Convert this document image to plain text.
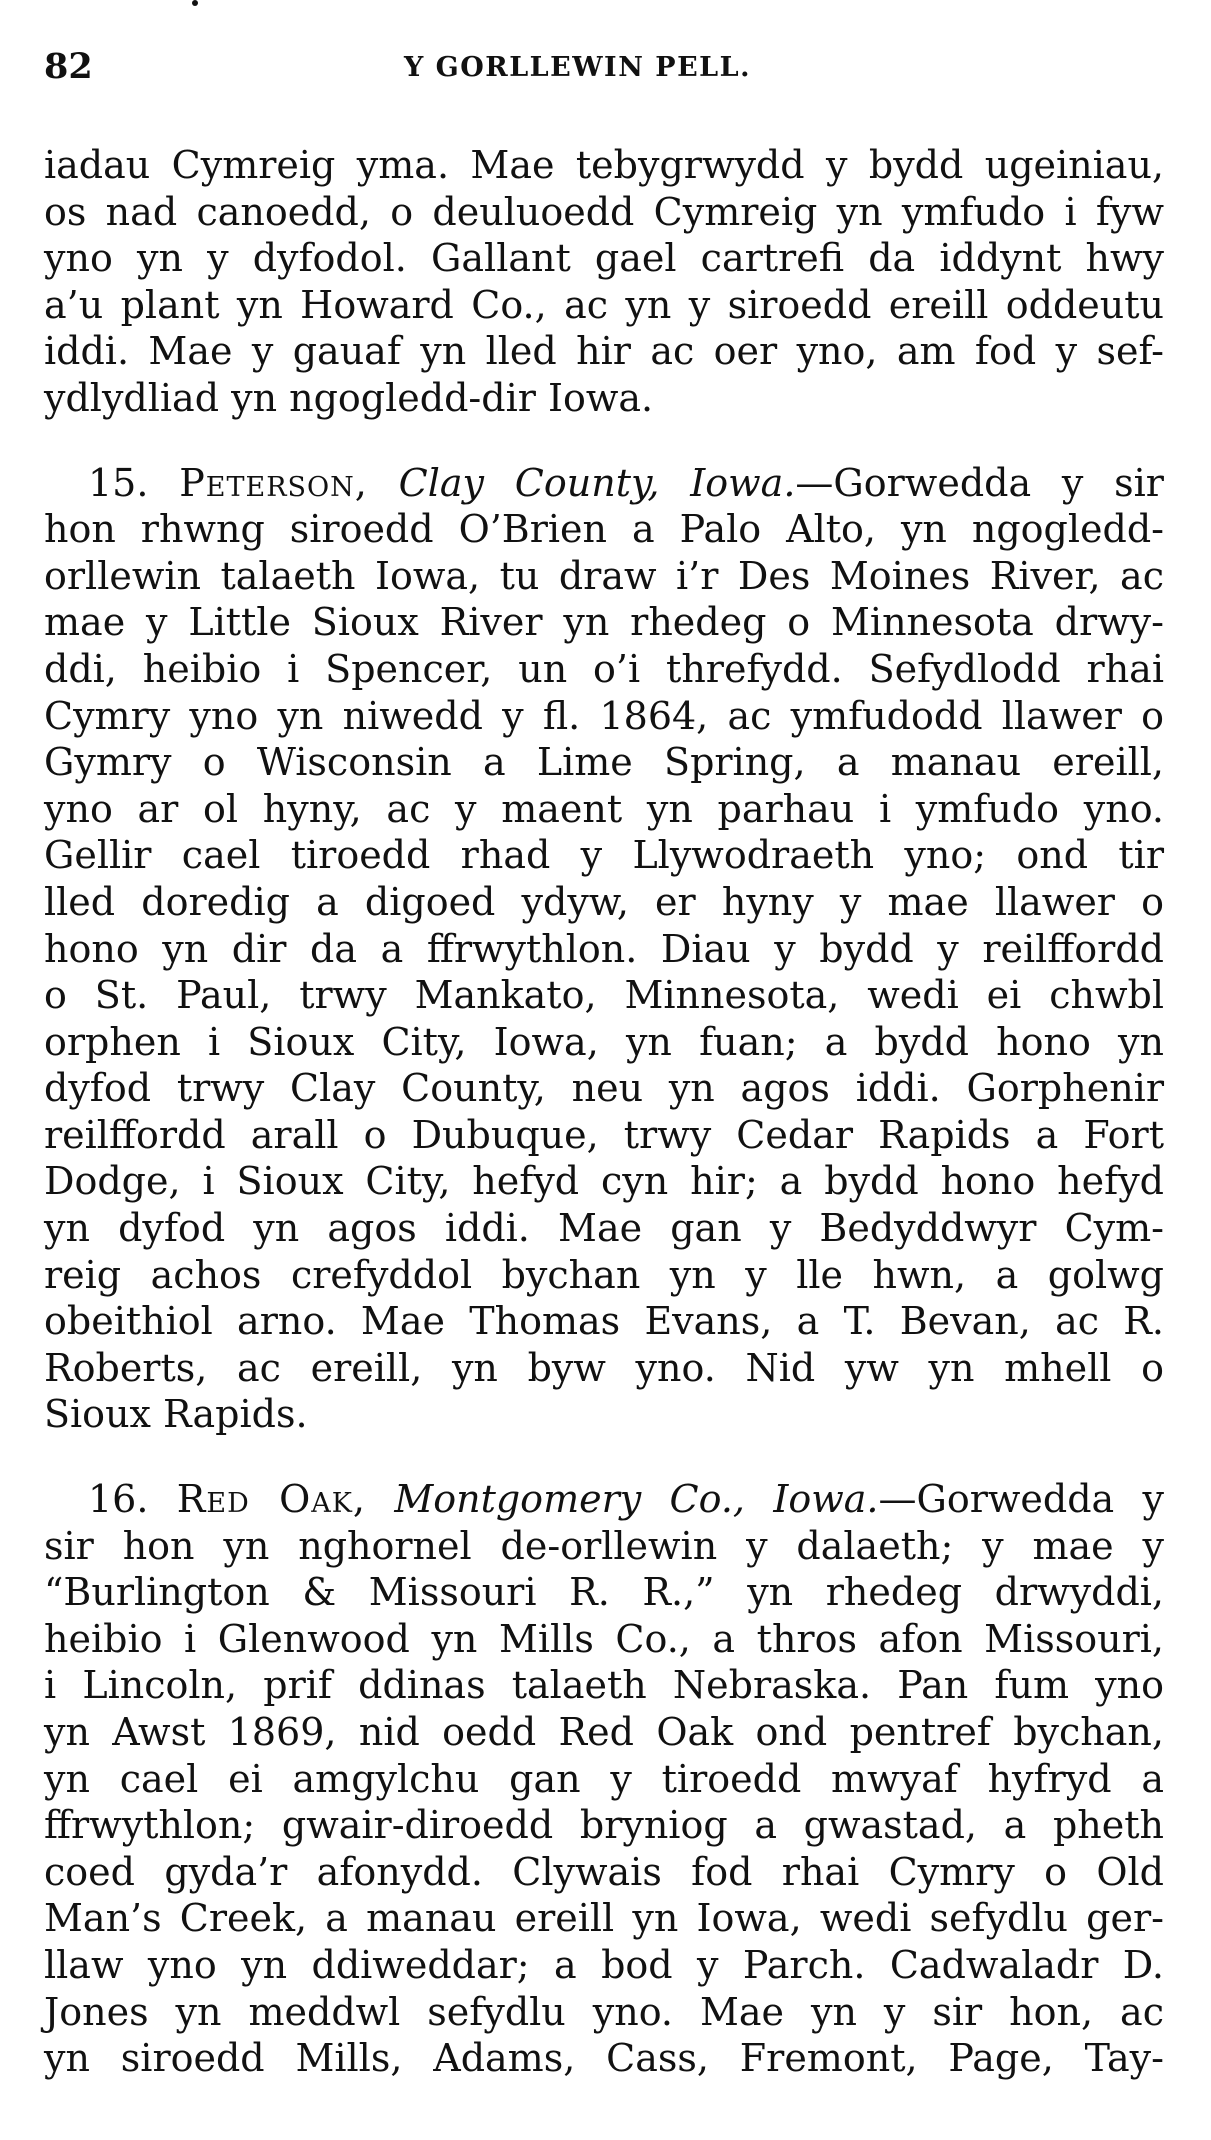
82	Y GORLLEWIN PELL.
iadau Cymreig yma. Mae tebygrwydd y bydd ugeiniau,
os nad canoedd, o deuluoedd Cymreig yn ymfudo i fyw
yno yn y dyfodol. Gallant gael cartrefi da iddynt hwy
a’u plant yn Howard Co., ac yn y siroedd ereill oddeutu
iddi. Mae y gauaf yn lled hir ac oer yno, am fod y sef-
ydlydliad yn ngogledd-dir Iowa.
15. Peterson, Clay County, Iowa.—Gorwedda y sir
hon rhwng siroedd O’Brien a Palo Alto, yn ngogledd-
orllewin talaeth Iowa, tu draw i’r Des Moines River, ac
mae y Little Sioux River yn rhedeg o Minnesota drwy-
ddi, heibio i Spencer, un o’i threfydd. Sefydlodd rhai
Cymry yno yn niwedd y fl. 1864, ac ymfudodd llawer o
Gymry o Wisconsin a Lime Spring, a manau ereill,
yno ar ol hyny, ac y maent yn parhau i ymfudo yno.
Gellir cael tiroedd rhad y Llywodraeth yno; ond tir
lled doredig a digoed ydyw, er hyny y mae llawer o
hono yn dir da a ffrwythlon. Diau y bydd y reilffordd
o St. Paul, trwy Mankato, Minnesota, wedi ei chwbl
orphen i Sioux City, Iowa, yn fuan; a bydd hono yn
dyfod trwy Clay County, neu yn agos iddi. Gorphenir
reilffordd arall o Dubuque, trwy Cedar Rapids a Fort
Dodge, i Sioux City, hefyd cyn hir; a bydd hono hefyd
yn dyfod yn agos iddi. Mae gan y Bedyddwyr Cym-
reig achos crefyddol bychan yn y lle hwn, a golwg
obeithiol arno. Mae Thomas Evans, a T. Bevan, ac R.
Roberts, ac ereill, yn byw yno. Nid yw yn mhell o
Sioux Rapids.
16. Red Oak, Montgomery Co., Iowa.—Gorwedda y
sir hon yn nghornel de-orllewin y dalaeth; y mae y
“Burlington & Missouri R. R.,” yn rhedeg drwyddi,
heibio i Glenwood yn Mills Co., a thros afon Missouri,
i Lincoln, prif ddinas talaeth Nebraska. Pan fum yno
yn Awst 1869, nid oedd Red Oak ond pentref bychan,
yn cael ei amgylchu gan y tiroedd mwyaf hyfryd a
ffrwythlon; gwair-diroedd bryniog a gwastad, a pheth
coed gyda’r afonydd. Clywais fod rhai Cymry o Old
Man’s Creek, a manau ereill yn Iowa, wedi sefydlu ger-
llaw yno yn ddiweddar; a bod y Parch. Cadwaladr D.
Jones yn meddwl sefydlu yno. Mae yn y sir hon, ac
yn siroedd Mills, Adams, Cass, Fremont, Page, Tay-
